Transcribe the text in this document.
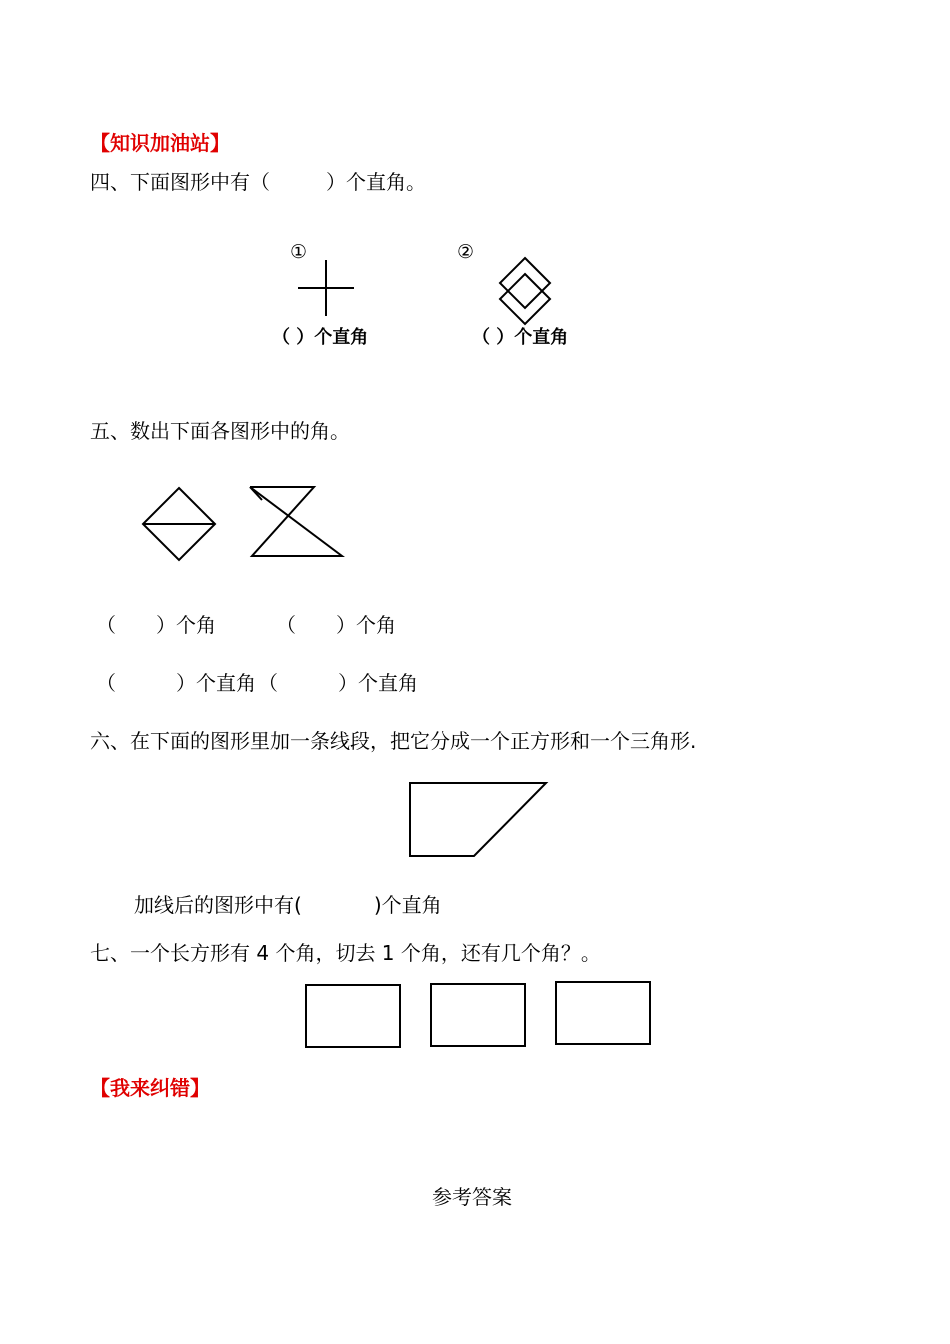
【知识加油站】
四、下面图形中有（	）个直角。
①
（ ）个直角
②
（ ）个直角
五、数出下面各图形中的角。
（　　）个角	（　　）个角
（　　　）个直角 （　　　）个直角
六、在下面的图形里加一条线段，把它分成一个正方形和一个三角形.
加线后的图形中有(	)个直角
七、一个长方形有 4 个角，切去 1 个角，还有几个角？。
【我来纠错】
参考答案
